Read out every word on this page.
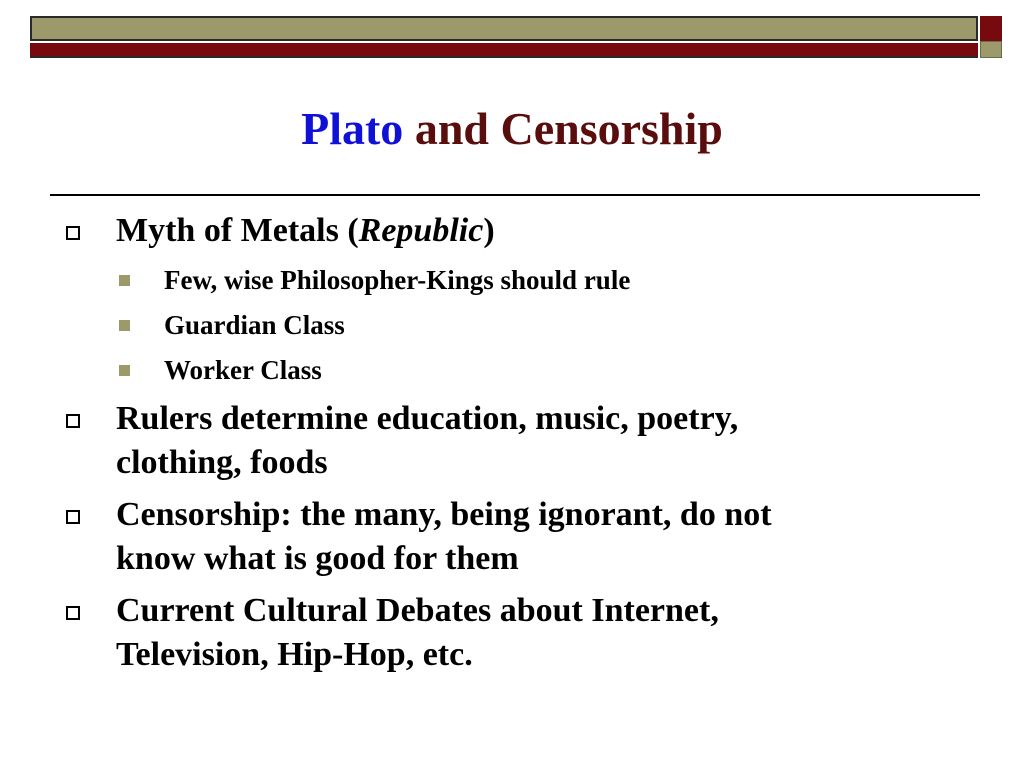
Plato and Censorship
Myth of Metals (Republic)
Few, wise Philosopher-Kings should rule
Guardian Class
Worker Class
Rulers determine education, music, poetry,
clothing, foods
Censorship: the many, being ignorant, do not
know what is good for them
Current Cultural Debates about Internet,
Television, Hip-Hop, etc.
